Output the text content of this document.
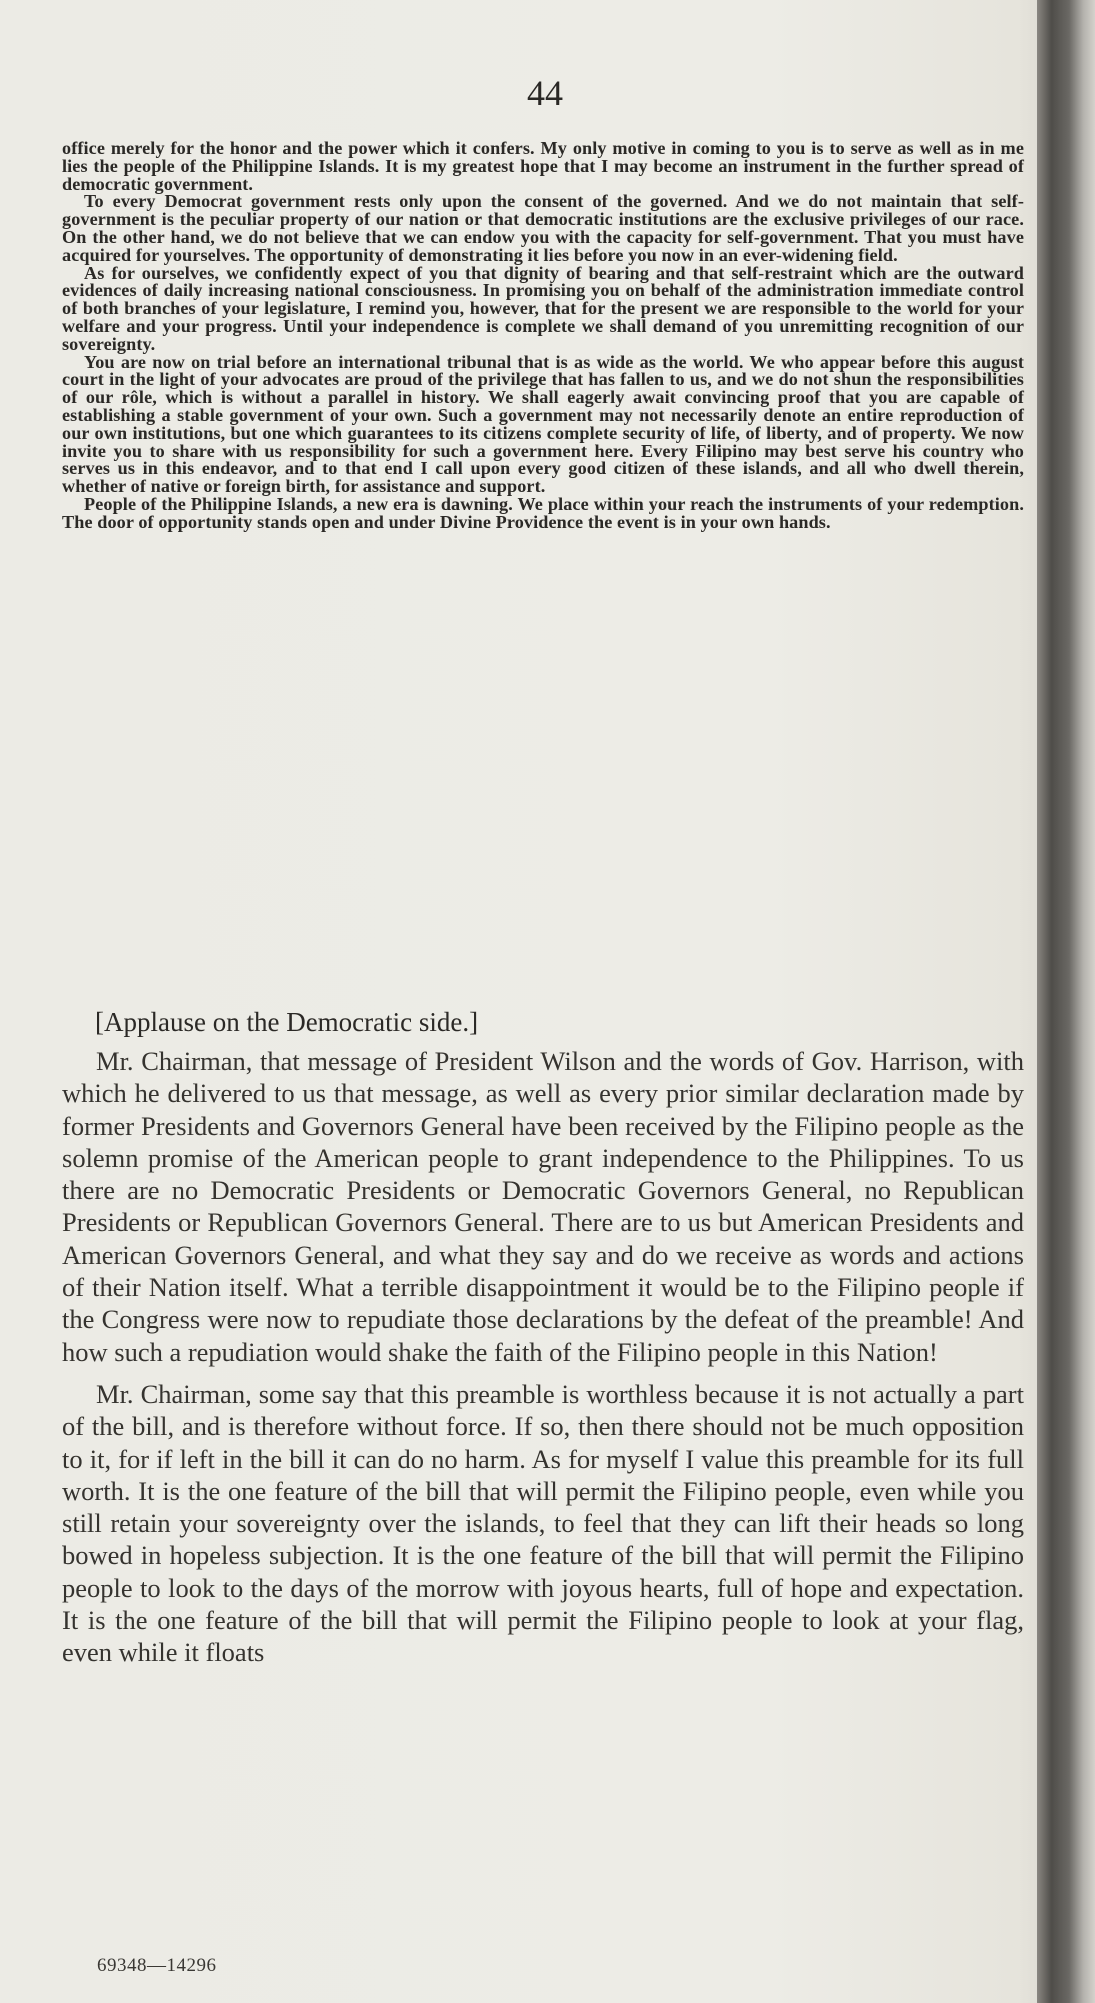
44

office merely for the honor and the power which it confers. My only motive in coming to you is to serve as well as in me lies the people of the Philippine Islands. It is my greatest hope that I may become an instrument in the further spread of democratic government.

To every Democrat government rests only upon the consent of the governed. And we do not maintain that self-government is the peculiar property of our nation or that democratic institutions are the exclusive privileges of our race. On the other hand, we do not believe that we can endow you with the capacity for self-government. That you must have acquired for yourselves. The opportunity of demonstrating it lies before you now in an ever-widening field.

As for ourselves, we confidently expect of you that dignity of bearing and that self-restraint which are the outward evidences of daily increasing national consciousness. In promising you on behalf of the administration immediate control of both branches of your legislature, I remind you, however, that for the present we are responsible to the world for your welfare and your progress. Until your independence is complete we shall demand of you unremitting recognition of our sovereignty.

You are now on trial before an international tribunal that is as wide as the world. We who appear before this august court in the light of your advocates are proud of the privilege that has fallen to us, and we do not shun the responsibilities of our rôle, which is without a parallel in history. We shall eagerly await convincing proof that you are capable of establishing a stable government of your own. Such a government may not necessarily denote an entire reproduction of our own institutions, but one which guarantees to its citizens complete security of life, of liberty, and of property. We now invite you to share with us responsibility for such a government here. Every Filipino may best serve his country who serves us in this endeavor, and to that end I call upon every good citizen of these islands, and all who dwell therein, whether of native or foreign birth, for assistance and support.

People of the Philippine Islands, a new era is dawning. We place within your reach the instruments of your redemption. The door of opportunity stands open and under Divine Providence the event is in your own hands.

[Applause on the Democratic side.]

Mr. Chairman, that message of President Wilson and the words of Gov. Harrison, with which he delivered to us that message, as well as every prior similar declaration made by former Presidents and Governors General have been received by the Filipino people as the solemn promise of the American people to grant independence to the Philippines. To us there are no Democratic Presidents or Democratic Governors General, no Republican Presidents or Republican Governors General. There are to us but American Presidents and American Governors General, and what they say and do we receive as words and actions of their Nation itself. What a terrible disappointment it would be to the Filipino people if the Congress were now to repudiate those declarations by the defeat of the preamble! And how such a repudiation would shake the faith of the Filipino people in this Nation!

Mr. Chairman, some say that this preamble is worthless because it is not actually a part of the bill, and is therefore without force. If so, then there should not be much opposition to it, for if left in the bill it can do no harm. As for myself I value this preamble for its full worth. It is the one feature of the bill that will permit the Filipino people, even while you still retain your sovereignty over the islands, to feel that they can lift their heads so long bowed in hopeless subjection. It is the one feature of the bill that will permit the Filipino people to look to the days of the morrow with joyous hearts, full of hope and expectation. It is the one feature of the bill that will permit the Filipino people to look at your flag, even while it floats

69348—14296
